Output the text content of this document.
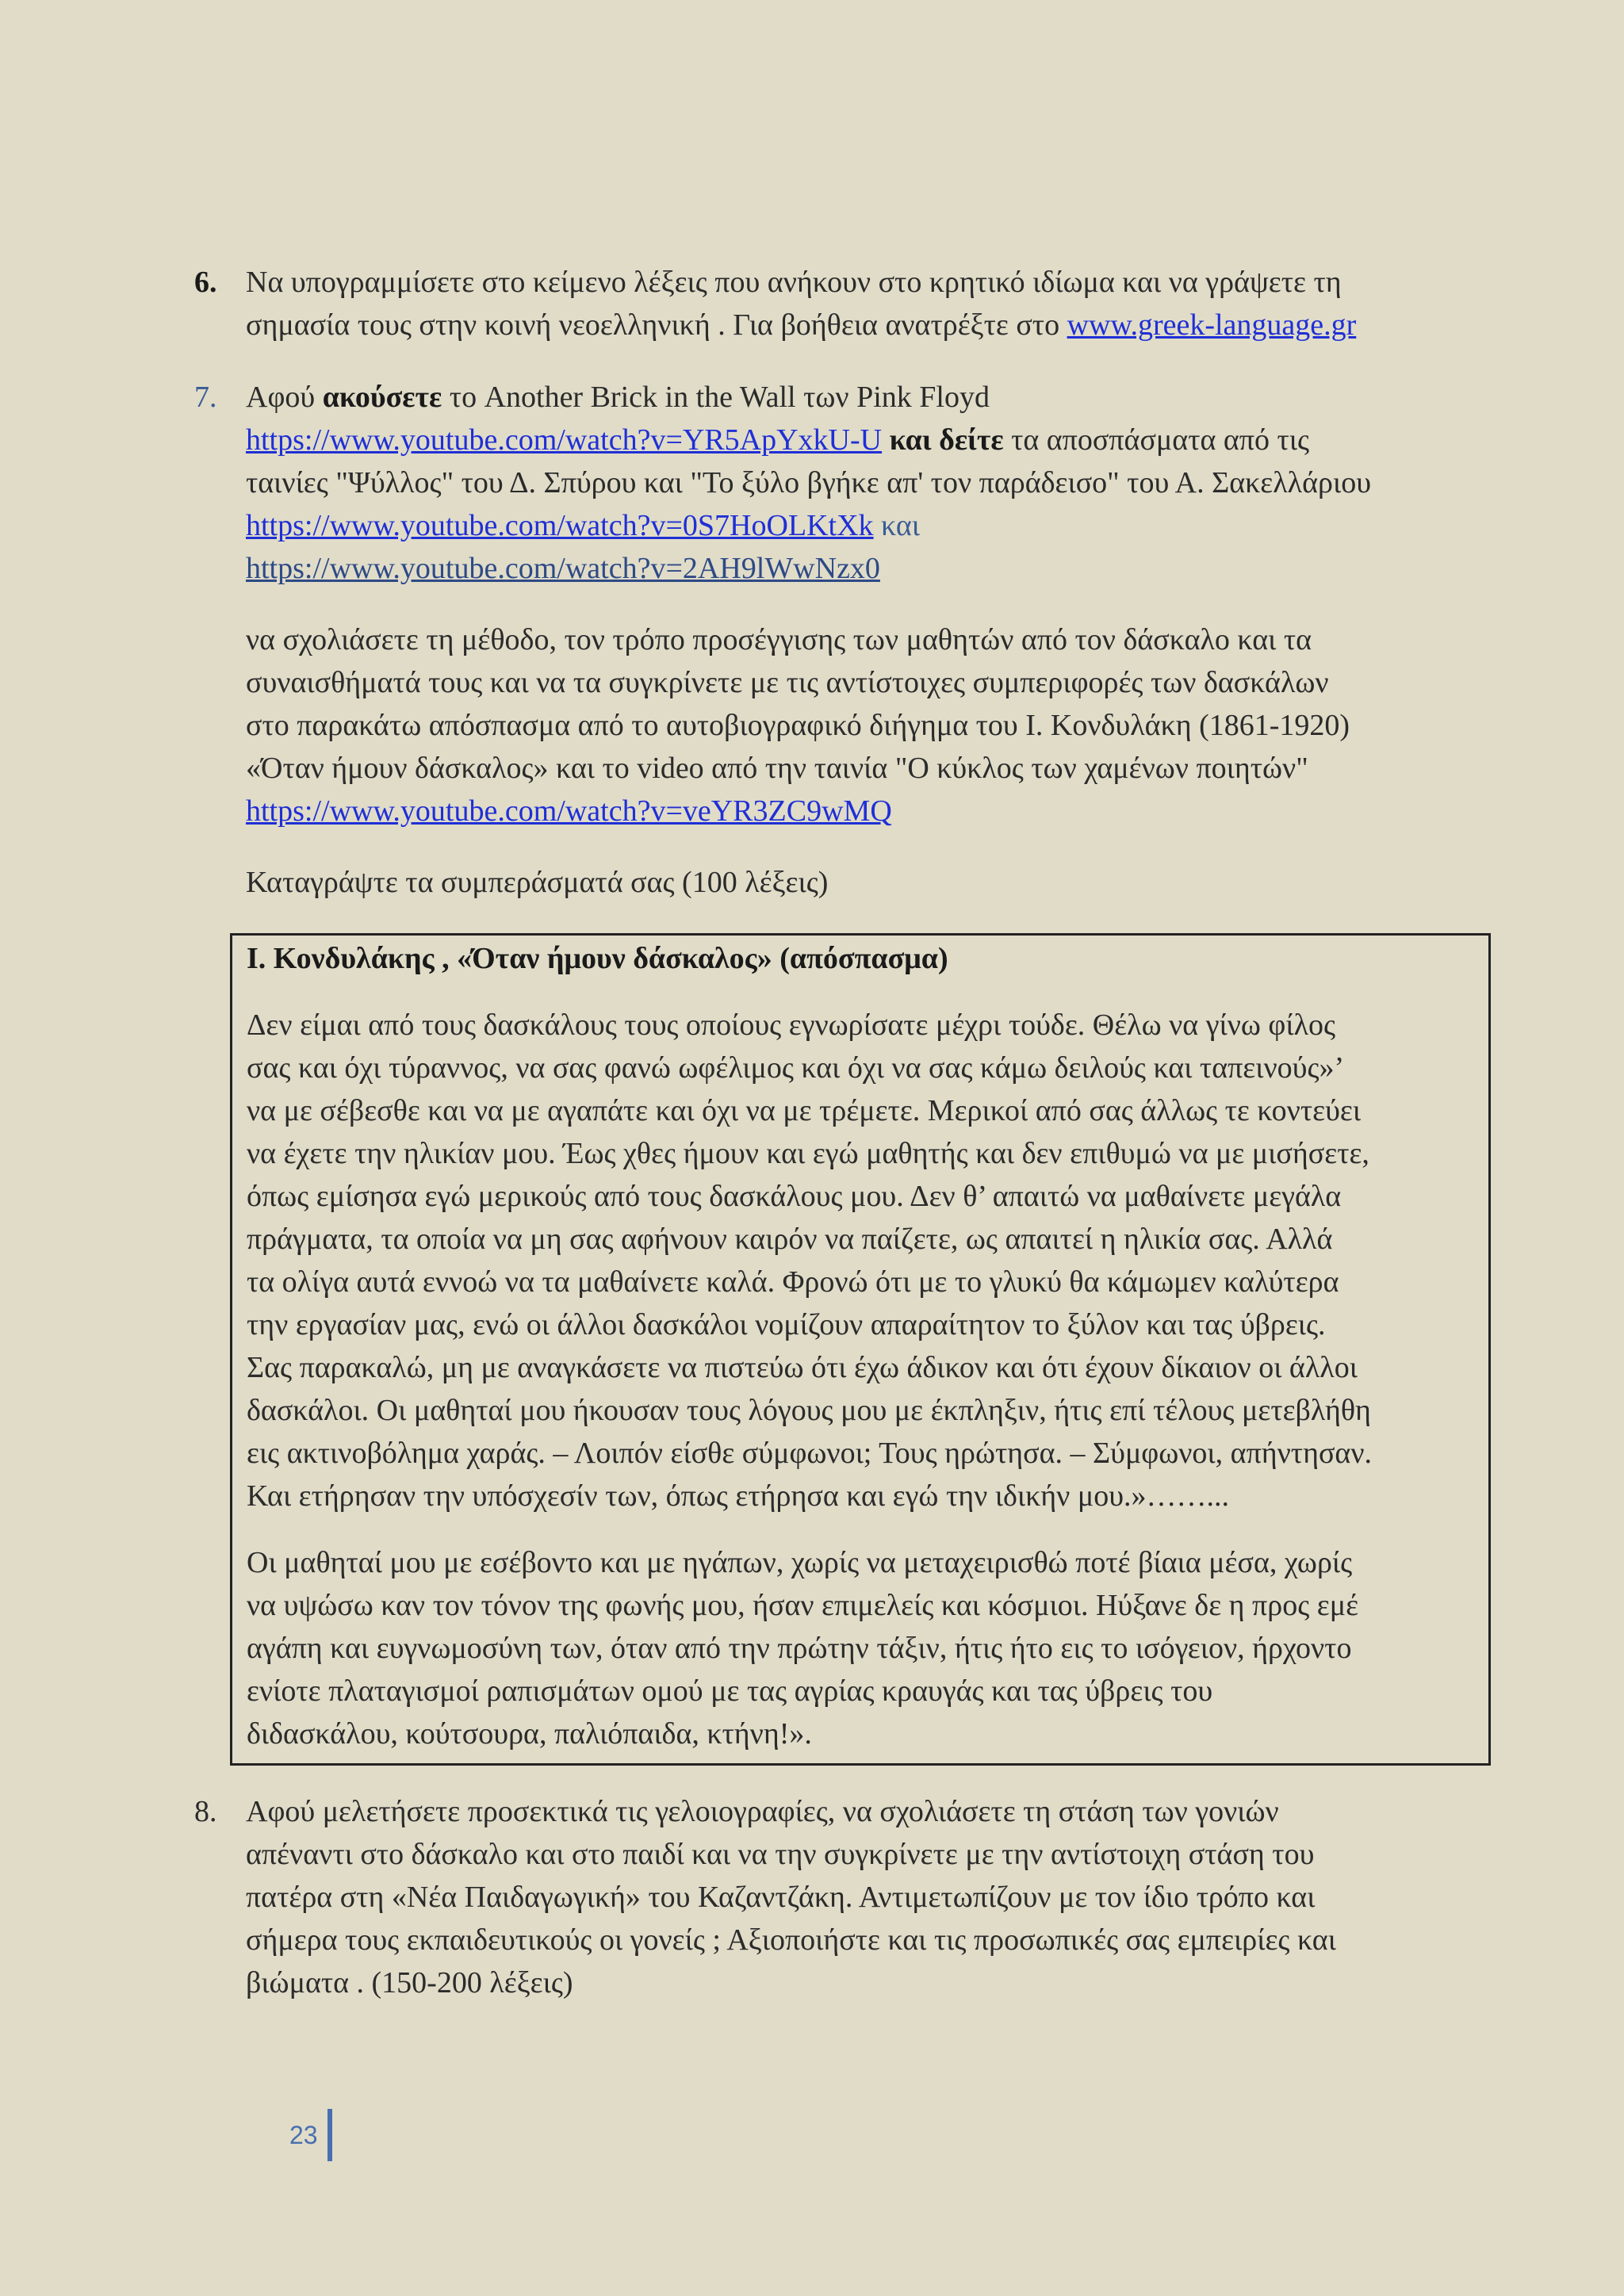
6. Να υπογραμμίσετε στο κείμενο λέξεις που ανήκουν στο κρητικό ιδίωμα και να γράψετε τη
σημασία τους στην κοινή νεοελληνική . Για βοήθεια ανατρέξτε στο www.greek-language.gr
7. Αφού ακούσετε το Another Brick in the Wall των Pink Floyd
https://www.youtube.com/watch?v=YR5ApYxkU-U και δείτε τα αποσπάσματα από τις
ταινίες "Ψύλλος" του Δ. Σπύρου και "Το ξύλο βγήκε απ' τον παράδεισο" του Α. Σακελλάριου
https://www.youtube.com/watch?v=0S7HoOLKtXk και
https://www.youtube.com/watch?v=2AH9lWwNzx0
να σχολιάσετε τη μέθοδο, τον τρόπο προσέγγισης των μαθητών από τον δάσκαλο και τα
συναισθήματά τους και να τα συγκρίνετε με τις αντίστοιχες συμπεριφορές των δασκάλων
στο παρακάτω απόσπασμα από το αυτοβιογραφικό διήγημα του Ι. Κονδυλάκη (1861-1920)
«Όταν ήμουν δάσκαλος» και το video από την ταινία "Ο κύκλος των χαμένων ποιητών"
https://www.youtube.com/watch?v=veYR3ZC9wMQ
Καταγράψτε τα συμπεράσματά σας (100 λέξεις)
Ι. Κονδυλάκης , «Όταν ήμουν δάσκαλος» (απόσπασμα)

Δεν είμαι από τους δασκάλους τους οποίους εγνωρίσατε μέχρι τούδε. Θέλω να γίνω φίλος
σας και όχι τύραννος, να σας φανώ ωφέλιμος και όχι να σας κάμω δειλούς και ταπεινούς»’
να με σέβεσθε και να με αγαπάτε και όχι να με τρέμετε. Μερικοί από σας άλλως τε κοντεύει
να έχετε την ηλικίαν μου. Έως χθες ήμουν και εγώ μαθητής και δεν επιθυμώ να με μισήσετε,
όπως εμίσησα εγώ μερικούς από τους δασκάλους μου. Δεν θ’ απαιτώ να μαθαίνετε μεγάλα
πράγματα, τα οποία να μη σας αφήνουν καιρόν να παίζετε, ως απαιτεί η ηλικία σας. Αλλά
τα ολίγα αυτά εννοώ να τα μαθαίνετε καλά. Φρονώ ότι με το γλυκύ θα κάμωμεν καλύτερα
την εργασίαν μας, ενώ οι άλλοι δασκάλοι νομίζουν απαραίτητον το ξύλον και τας ύβρεις.
Σας παρακαλώ, μη με αναγκάσετε να πιστεύω ότι έχω άδικον και ότι έχουν δίκαιον οι άλλοι
δασκάλοι. Οι μαθηταί μου ήκουσαν τους λόγους μου με έκπληξιν, ήτις επί τέλους μετεβλήθη
εις ακτινοβόλημα χαράς. – Λοιπόν είσθε σύμφωνοι; Τους ηρώτησα. – Σύμφωνοι, απήντησαν.
Και ετήρησαν την υπόσχεσίν των, όπως ετήρησα και εγώ την ιδικήν μου.»……...

Οι μαθηταί μου με εσέβοντο και με ηγάπων, χωρίς να μεταχειρισθώ ποτέ βίαια μέσα, χωρίς
να υψώσω καν τον τόνον της φωνής μου, ήσαν επιμελείς και κόσμιοι. Ηύξανε δε η προς εμέ
αγάπη και ευγνωμοσύνη των, όταν από την πρώτην τάξιν, ήτις ήτο εις το ισόγειον, ήρχοντο
ενίοτε πλαταγισμοί ραπισμάτων ομού με τας αγρίας κραυγάς και τας ύβρεις του
διδασκάλου, κούτσουρα, παλιόπαιδα, κτήνη!».

8. Αφού μελετήσετε προσεκτικά τις γελοιογραφίες, να σχολιάσετε τη στάση των γονιών
απέναντι στο δάσκαλο και στο παιδί και να την συγκρίνετε με την αντίστοιχη στάση του
πατέρα στη «Νέα Παιδαγωγική» του Καζαντζάκη. Αντιμετωπίζουν με τον ίδιο τρόπο και
σήμερα τους εκπαιδευτικούς οι γονείς ; Αξιοποιήστε και τις προσωπικές σας εμπειρίες και
βιώματα . (150-200 λέξεις)
23
